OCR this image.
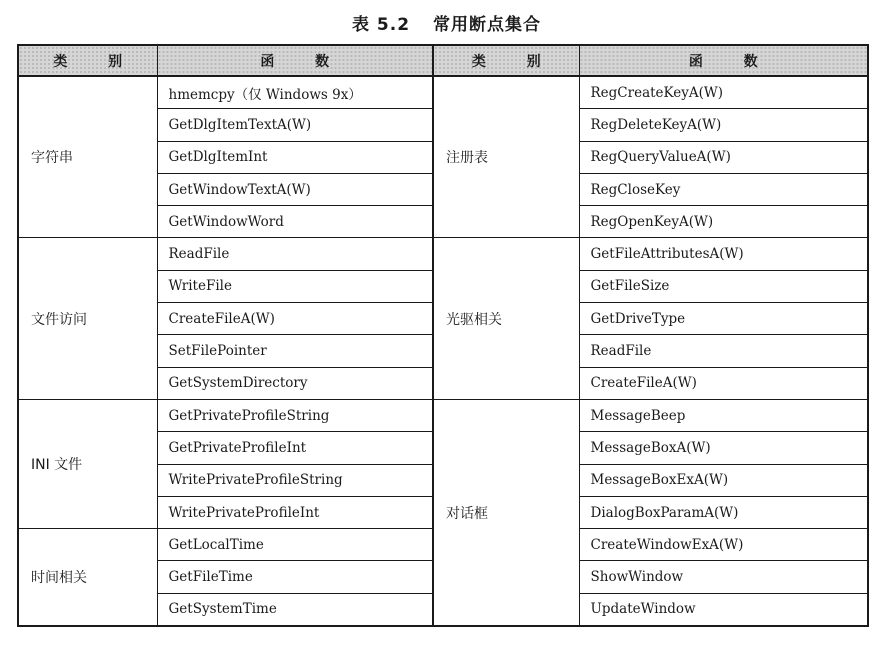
表 5.2 常用断点集合
类 别	函 数	类 别	函 数
字符串	hmemcpy（仅 Windows 9x）	注册表	RegCreateKeyA(W)
	GetDlgItemTextA(W)		RegDeleteKeyA(W)
	GetDlgItemInt		RegQueryValueA(W)
	GetWindowTextA(W)		RegCloseKey
	GetWindowWord		RegOpenKeyA(W)
文件访问	ReadFile	光驱相关	GetFileAttributesA(W)
	WriteFile		GetFileSize
	CreateFileA(W)		GetDriveType
	SetFilePointer		ReadFile
	GetSystemDirectory		CreateFileA(W)
INI 文件	GetPrivateProfileString	对话框	MessageBeep
	GetPrivateProfileInt		MessageBoxA(W)
	WritePrivateProfileString		MessageBoxExA(W)
	WritePrivateProfileInt		DialogBoxParamA(W)
时间相关	GetLocalTime		CreateWindowExA(W)
	GetFileTime		ShowWindow
	GetSystemTime		UpdateWindow
